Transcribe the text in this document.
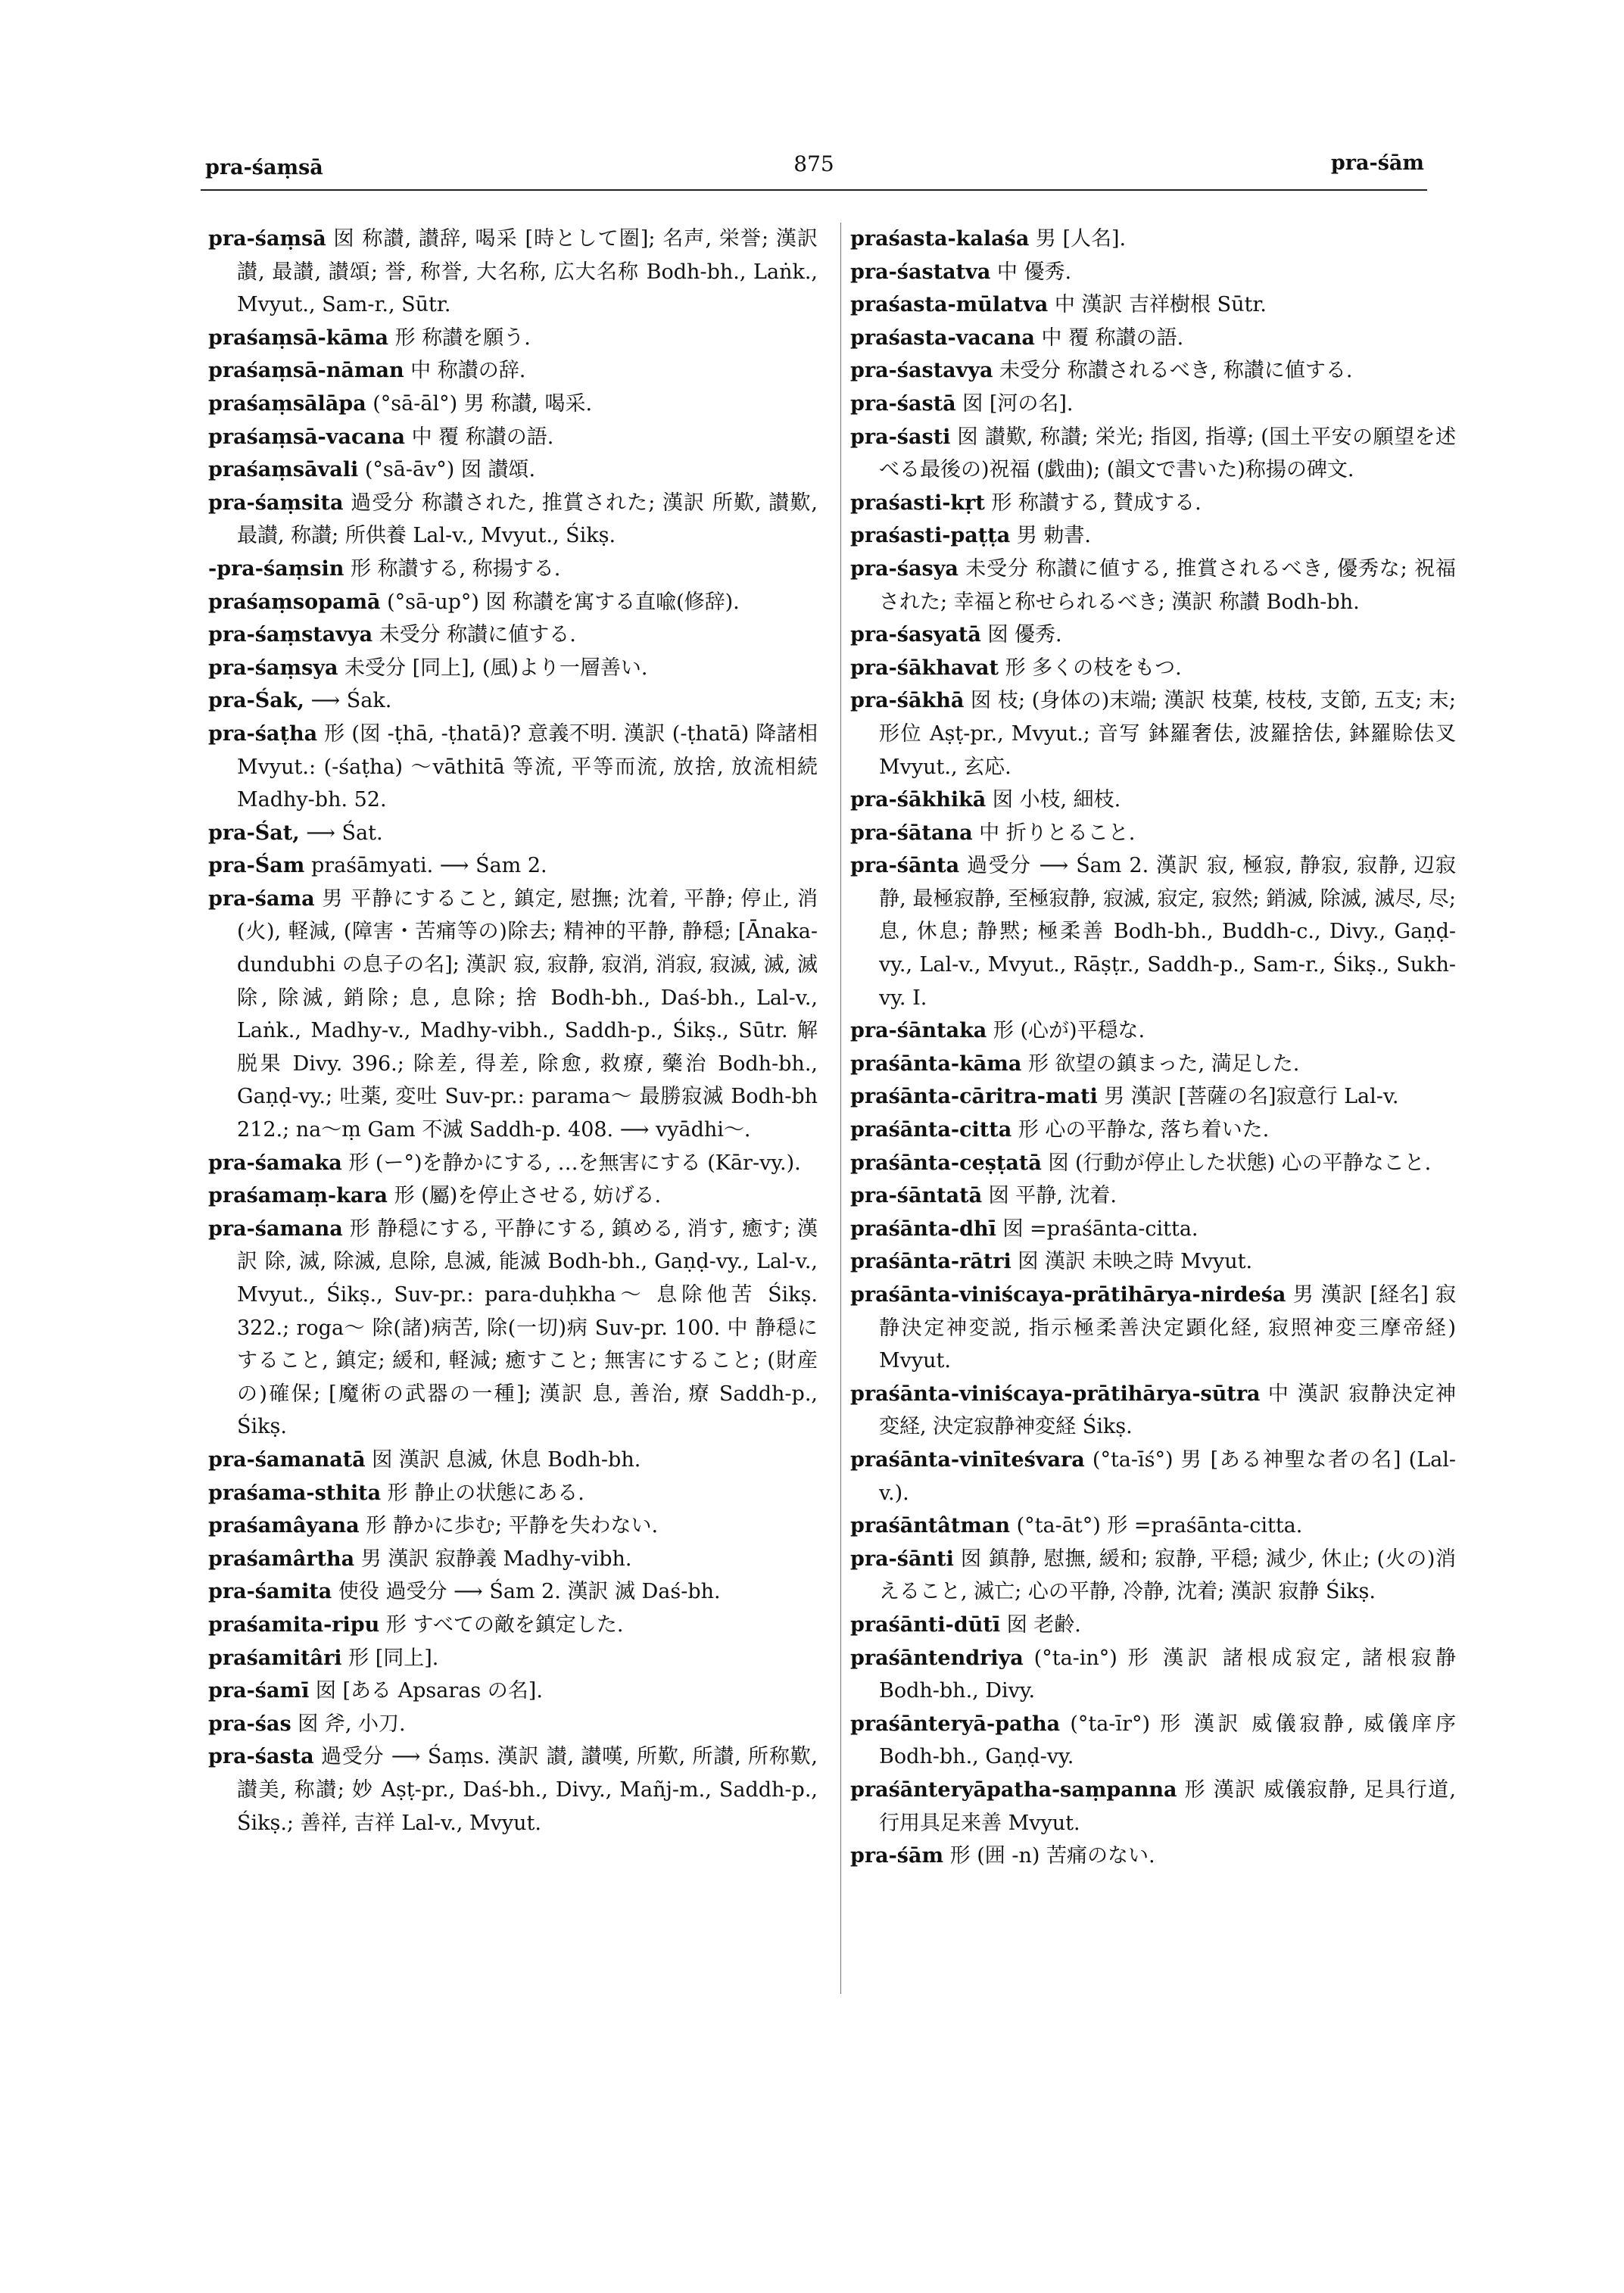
pra-śaṃsā	875	pra-śām
pra-śaṃsā 囡 称讃, 讃辞, 喝采 [時として圏]; 名声, 栄誉; 漢訳 讃, 最讃, 讃頌; 誉, 称誉, 大名称, 広大名称 Bodh-bh., Laṅk., Mvyut., Sam-r., Sūtr.
praśaṃsā-kāma 形 称讃を願う.
praśaṃsā-nāman 中 称讃の辞.
praśaṃsālāpa (°sā-āl°) 男 称讃, 喝采.
praśaṃsā-vacana 中 覆 称讃の語.
praśaṃsāvali (°sā-āv°) 囡 讃頌.
pra-śaṃsita 過受分 称讃された, 推賞された; 漢訳 所歎, 讃歎, 最讃, 称讃; 所供養 Lal-v., Mvyut., Śikṣ.
-pra-śaṃsin 形 称讃する, 称揚する.
praśaṃsopamā (°sā-up°) 囡 称讃を寓する直喩(修辞).
pra-śaṃstavya 未受分 称讃に値する.
pra-śaṃsya 未受分 [同上], (風)より一層善い.
pra-Śak, ⟶ Śak.
pra-śaṭha 形 (囡 -ṭhā, -ṭhatā)? 意義不明. 漢訳 (-ṭhatā) 降諸相 Mvyut.: (-śaṭha) ～vāthitā 等流, 平等而流, 放捨, 放流相続 Madhy-bh. 52.
pra-Śat, ⟶ Śat.
pra-Śam praśāmyati. ⟶ Śam 2.
pra-śama 男 平静にすること, 鎮定, 慰撫; 沈着, 平静; 停止, 消(火), 軽減, (障害・苦痛等の)除去; 精神的平静, 静穏; [Ānaka-dundubhi の息子の名]; 漢訳 寂, 寂静, 寂消, 消寂, 寂滅, 滅, 滅除, 除滅, 銷除; 息, 息除; 捨 Bodh-bh., Daś-bh., Lal-v., Laṅk., Madhy-v., Madhy-vibh., Saddh-p., Śikṣ., Sūtr. 解脱果 Divy. 396.; 除差, 得差, 除愈, 救療, 藥治 Bodh-bh., Gaṇḍ-vy.; 吐薬, 変吐 Suv-pr.: parama～ 最勝寂滅 Bodh-bh 212.; na～ṃ Gam 不滅 Saddh-p. 408. ⟶ vyādhi～.
pra-śamaka 形 (ー°)を静かにする, …を無害にする (Kār-vy.).
praśamaṃ-kara 形 (屬)を停止させる, 妨げる.
pra-śamana 形 静穏にする, 平静にする, 鎮める, 消す, 癒す; 漢訳 除, 滅, 除滅, 息除, 息滅, 能滅 Bodh-bh., Gaṇḍ-vy., Lal-v., Mvyut., Śikṣ., Suv-pr.: para-duḥkha～ 息除他苦 Śikṣ. 322.; roga～ 除(諸)病苦, 除(一切)病 Suv-pr. 100. 中 静穏にすること, 鎮定; 緩和, 軽減; 癒すこと; 無害にすること; (財産の)確保; [魔術の武器の一種]; 漢訳 息, 善治, 療 Saddh-p., Śikṣ.
pra-śamanatā 囡 漢訳 息滅, 休息 Bodh-bh.
praśama-sthita 形 静止の状態にある.
praśamâyana 形 静かに歩む; 平静を失わない.
praśamârtha 男 漢訳 寂静義 Madhy-vibh.
pra-śamita 使役 過受分 ⟶ Śam 2. 漢訳 滅 Daś-bh.
praśamita-ripu 形 すべての敵を鎮定した.
praśamitâri 形 [同上].
pra-śamī 囡 [ある Apsaras の名].
pra-śas 囡 斧, 小刀.
pra-śasta 過受分 ⟶ Śaṃs. 漢訳 讃, 讃嘆, 所歎, 所讃, 所称歎, 讃美, 称讃; 妙 Aṣṭ-pr., Daś-bh., Divy., Mañj-m., Saddh-p., Śikṣ.; 善祥, 吉祥 Lal-v., Mvyut.
praśasta-kalaśa 男 [人名].
pra-śastatva 中 優秀.
praśasta-mūlatva 中 漢訳 吉祥樹根 Sūtr.
praśasta-vacana 中 覆 称讃の語.
pra-śastavya 未受分 称讃されるべき, 称讃に値する.
pra-śastā 囡 [河の名].
pra-śasti 囡 讃歎, 称讃; 栄光; 指図, 指導; (国土平安の願望を述べる最後の)祝福 (戯曲); (韻文で書いた)称揚の碑文.
praśasti-kṛt 形 称讃する, 賛成する.
praśasti-paṭṭa 男 勅書.
pra-śasya 未受分 称讃に値する, 推賞されるべき, 優秀な; 祝福された; 幸福と称せられるべき; 漢訳 称讃 Bodh-bh.
pra-śasyatā 囡 優秀.
pra-śākhavat 形 多くの枝をもつ.
pra-śākhā 囡 枝; (身体の)末端; 漢訳 枝葉, 枝枝, 支節, 五支; 末; 形位 Aṣṭ-pr., Mvyut.; 音写 鉢羅奢佉, 波羅捨佉, 鉢羅賒佉叉 Mvyut., 玄応.
pra-śākhikā 囡 小枝, 細枝.
pra-śātana 中 折りとること.
pra-śānta 過受分 ⟶ Śam 2. 漢訳 寂, 極寂, 静寂, 寂静, 辺寂静, 最極寂静, 至極寂静, 寂滅, 寂定, 寂然; 銷滅, 除滅, 滅尽, 尽; 息, 休息; 静黙; 極柔善 Bodh-bh., Buddh-c., Divy., Gaṇḍ-vy., Lal-v., Mvyut., Rāṣṭr., Saddh-p., Sam-r., Śikṣ., Sukh-vy. I.
pra-śāntaka 形 (心が)平穏な.
praśānta-kāma 形 欲望の鎮まった, 満足した.
praśānta-cāritra-mati 男 漢訳 [菩薩の名]寂意行 Lal-v.
praśānta-citta 形 心の平静な, 落ち着いた.
praśānta-ceṣṭatā 囡 (行動が停止した状態) 心の平静なこと.
pra-śāntatā 囡 平静, 沈着.
praśānta-dhī 囡 =praśānta-citta.
praśānta-rātri 囡 漢訳 未映之時 Mvyut.
praśānta-viniścaya-prātihārya-nirdeśa 男 漢訳 [経名] 寂静決定神変説, 指示極柔善決定顕化経, 寂照神変三摩帝経) Mvyut.
praśānta-viniścaya-prātihārya-sūtra 中 漢訳 寂静決定神変経, 決定寂静神変経 Śikṣ.
praśānta-vinīteśvara (°ta-īś°) 男 [ある神聖な者の名] (Lal-v.).
praśāntâtman (°ta-āt°) 形 =praśānta-citta.
pra-śānti 囡 鎮静, 慰撫, 緩和; 寂静, 平穏; 減少, 休止; (火の)消えること, 滅亡; 心の平静, 冷静, 沈着; 漢訳 寂静 Śikṣ.
praśānti-dūtī 囡 老齢.
praśāntendriya (°ta-in°) 形 漢訳 諸根成寂定, 諸根寂静 Bodh-bh., Divy.
praśānteryā-patha (°ta-īr°) 形 漢訳 威儀寂静, 威儀庠序 Bodh-bh., Gaṇḍ-vy.
praśānteryāpatha-saṃpanna 形 漢訳 威儀寂静, 足具行道, 行用具足来善 Mvyut.
pra-śām 形 (囲 -n) 苦痛のない.
